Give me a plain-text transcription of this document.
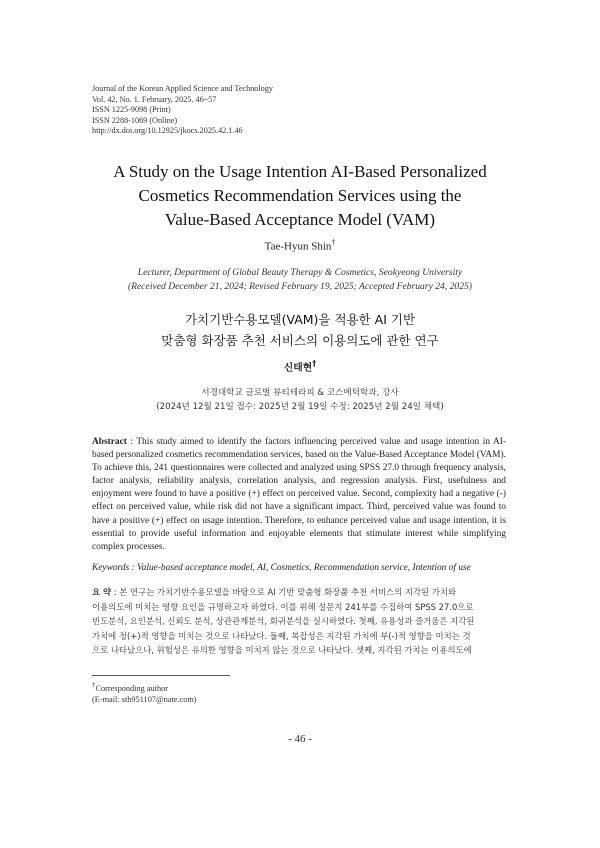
Journal of the Korean Applied Science and Technology
Vol. 42, No. 1. February, 2025. 46~57
ISSN 1225-9098 (Print)
ISSN 2288-1069 (Online)
http://dx.doi.org/10.12925/jkocs.2025.42.1.46
A Study on the Usage Intention AI-Based Personalized
Cosmetics Recommendation Services using the
Value-Based Acceptance Model (VAM)
Tae-Hyun Shin†
Lecturer, Department of Global Beauty Therapy & Cosmetics, Seokyeong University
(Received December 21, 2024; Revised February 19, 2025; Accepted February 24, 2025)
가치기반수용모델(VAM)을 적용한 AI 기반
맞춤형 화장품 추천 서비스의 이용의도에 관한 연구
신태현†
서경대학교 글로벌 뷰티테라피 & 코스메틱학과, 강사
(2024년 12월 21일 접수: 2025년 2월 19일 수정: 2025년 2월 24일 채택)
Abstract : This study aimed to identify the factors influencing perceived value and usage intention in AI-based personalized cosmetics recommendation services, based on the Value-Based Acceptance Model (VAM). To achieve this, 241 questionnaires were collected and analyzed using SPSS 27.0 through frequency analysis, factor analysis, reliability analysis, correlation analysis, and regression analysis. First, usefulness and enjoyment were found to have a positive (+) effect on perceived value. Second, complexity had a negative (-) effect on perceived value, while risk did not have a significant impact. Third, perceived value was found to have a positive (+) effect on usage intention. Therefore, to enhance perceived value and usage intention, it is essential to provide useful information and enjoyable elements that stimulate interest while simplifying complex processes.
Keywords : Value-based acceptance model, AI, Cosmetics, Recommendation service, Intention of use
요 약 : 본 연구는 가치기반수용모델을 바탕으로 AI 기반 맞춤형 화장품 추천 서비스의 지각된 가치와
이용의도에 미치는 영향 요인을 규명하고자 하였다. 이를 위해 설문지 241부를 수집하여 SPSS 27.0으로
빈도분석, 요인분석, 신뢰도 분석, 상관관계분석, 회귀분석을 실시하였다. 첫째, 유용성과 즐거움은 지각된
가치에 정(+)적 영향을 미치는 것으로 나타났다. 둘째, 복잡성은 지각된 가치에 부(-)적 영향을 미치는 것
으로 나타났으나, 위험성은 유의한 영향을 미치지 않는 것으로 나타났다. 셋째, 지각된 가치는 이용의도에
†Corresponding author
(E-mail: sth951107@nate.com)
- 46 -
